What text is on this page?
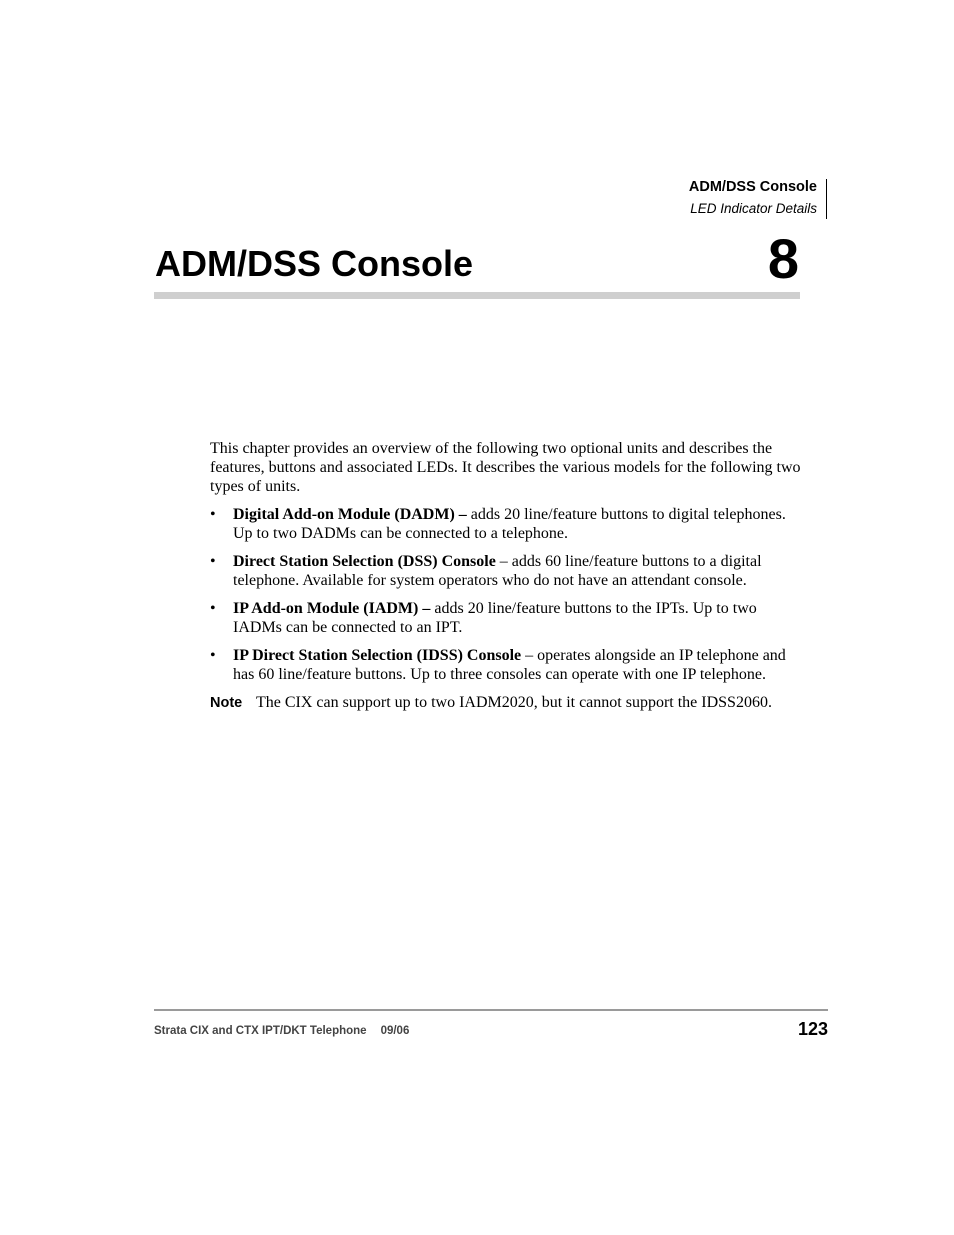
ADM/DSS Console
LED Indicator Details
ADM/DSS Console	8

This chapter provides an overview of the following two optional units and describes the features, buttons and associated LEDs. It describes the various models for the following two types of units.

• Digital Add-on Module (DADM) – adds 20 line/feature buttons to digital telephones. Up to two DADMs can be connected to a telephone.
• Direct Station Selection (DSS) Console – adds 60 line/feature buttons to a digital telephone. Available for system operators who do not have an attendant console.
• IP Add-on Module (IADM) – adds 20 line/feature buttons to the IPTs. Up to two IADMs can be connected to an IPT.
• IP Direct Station Selection (IDSS) Console – operates alongside an IP telephone and has 60 line/feature buttons. Up to three consoles can operate with one IP telephone.
Note The CIX can support up to two IADM2020, but it cannot support the IDSS2060.
Strata CIX and CTX IPT/DKT Telephone 09/06	123
